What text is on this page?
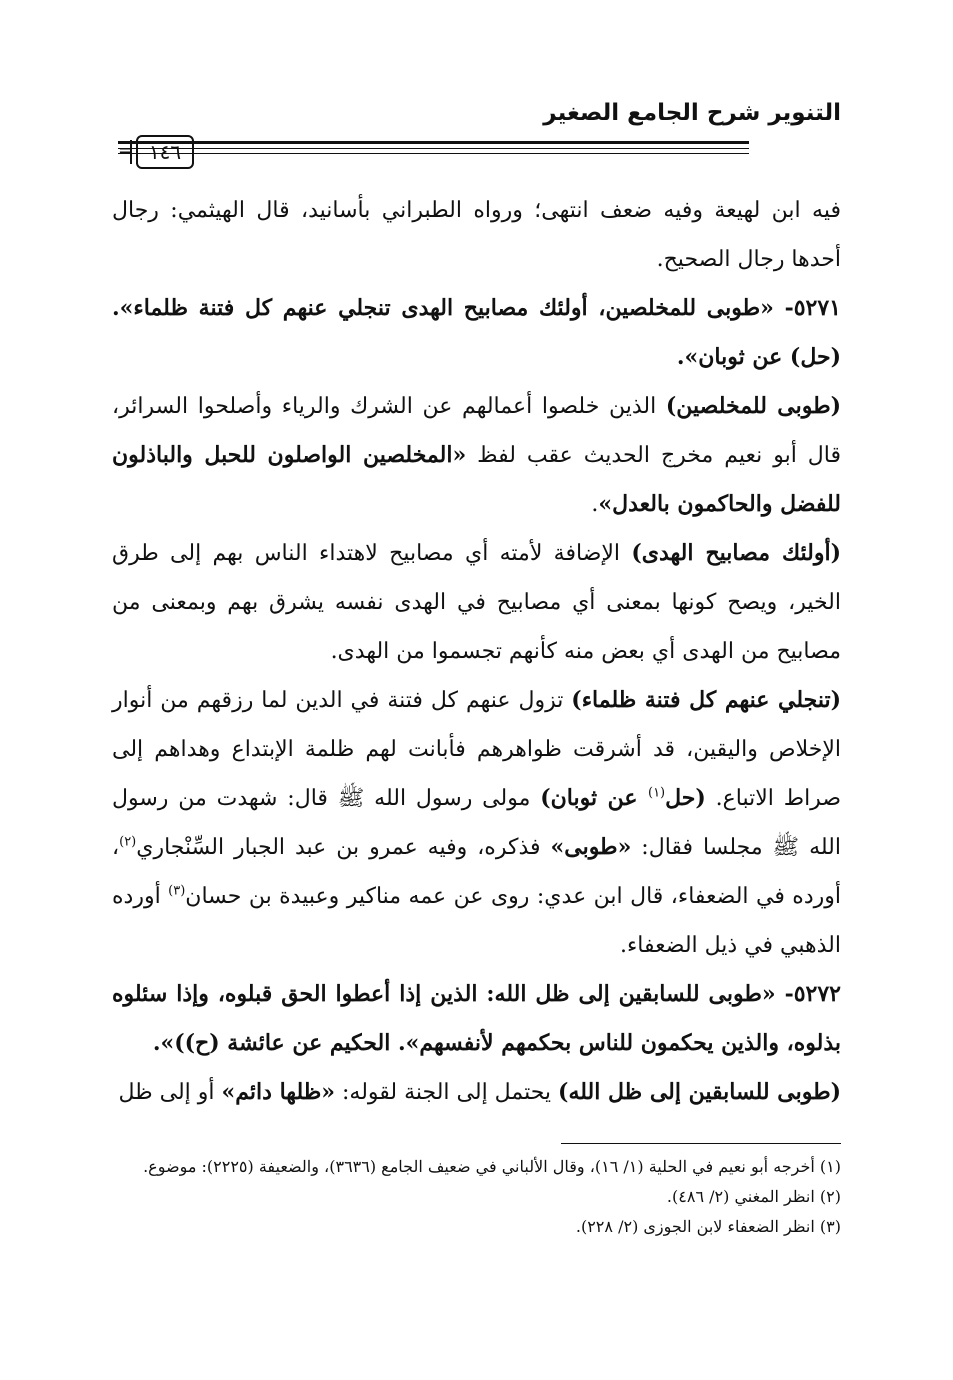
التنوير شرح الجامع الصغير
١٤٦
=

فيه ابن لهيعة وفيه ضعف انتهى؛ ورواه الطبراني بأسانيد، قال الهيثمي: رجال أحدها رجال الصحيح.

٥٢٧١- «طوبى للمخلصين، أولئك مصابيح الهدى تنجلي عنهم كل فتنة ظلماء». (حل) عن ثوبان».

(طوبى للمخلصين) الذين خلصوا أعمالهم عن الشرك والرياء وأصلحوا السرائر، قال أبو نعيم مخرج الحديث عقب لفظ «المخلصين الواصلون للحبل والباذلون للفضل والحاكمون بالعدل».

(أولئك مصابيح الهدى) الإضافة لأمته أي مصابيح لاهتداء الناس بهم إلى طرق الخير، ويصح كونها بمعنى أي مصابيح في الهدى نفسه يشرق بهم وبمعنى من مصابيح من الهدى أي بعض منه كأنهم تجسموا من الهدى.

(تنجلي عنهم كل فتنة ظلماء) تزول عنهم كل فتنة في الدين لما رزقهم من أنوار الإخلاص واليقين، قد أشرقت ظواهرهم فأبانت لهم ظلمة الإبتداع وهداهم إلى صراط الاتباع. (حل$^{(١)}$ عن ثوبان) مولى رسول الله ﷺ قال: شهدت من رسول الله ﷺ مجلسا فقال: «طوبى» فذكره، وفيه عمرو بن عبد الجبار السِّنْجاري$^{(٢)}$، أورده في الضعفاء، قال ابن عدي: روى عن عمه مناكير وعبيدة بن حسان$^{(٣)}$ أورده الذهبي في ذيل الضعفاء.

٥٢٧٢- «طوبى للسابقين إلى ظل الله: الذين إذا أعطوا الحق قبلوه، وإذا سئلوه بذلوه، والذين يحكمون للناس بحكمهم لأنفسهم». الحكيم عن عائشة (ح))».

(طوبى للسابقين إلى ظل الله) يحتمل إلى الجنة لقوله: «ظلها دائم» أو إلى ظل

(١) أخرجه أبو نعيم في الحلية (١/ ١٦)، وقال الألباني في ضعيف الجامع (٣٦٣٦)، والضعيفة (٢٢٢٥): موضوع.

(٢) انظر المغني (٢/ ٤٨٦).

(٣) انظر الضعفاء لابن الجوزى (٢/ ٢٢٨).
